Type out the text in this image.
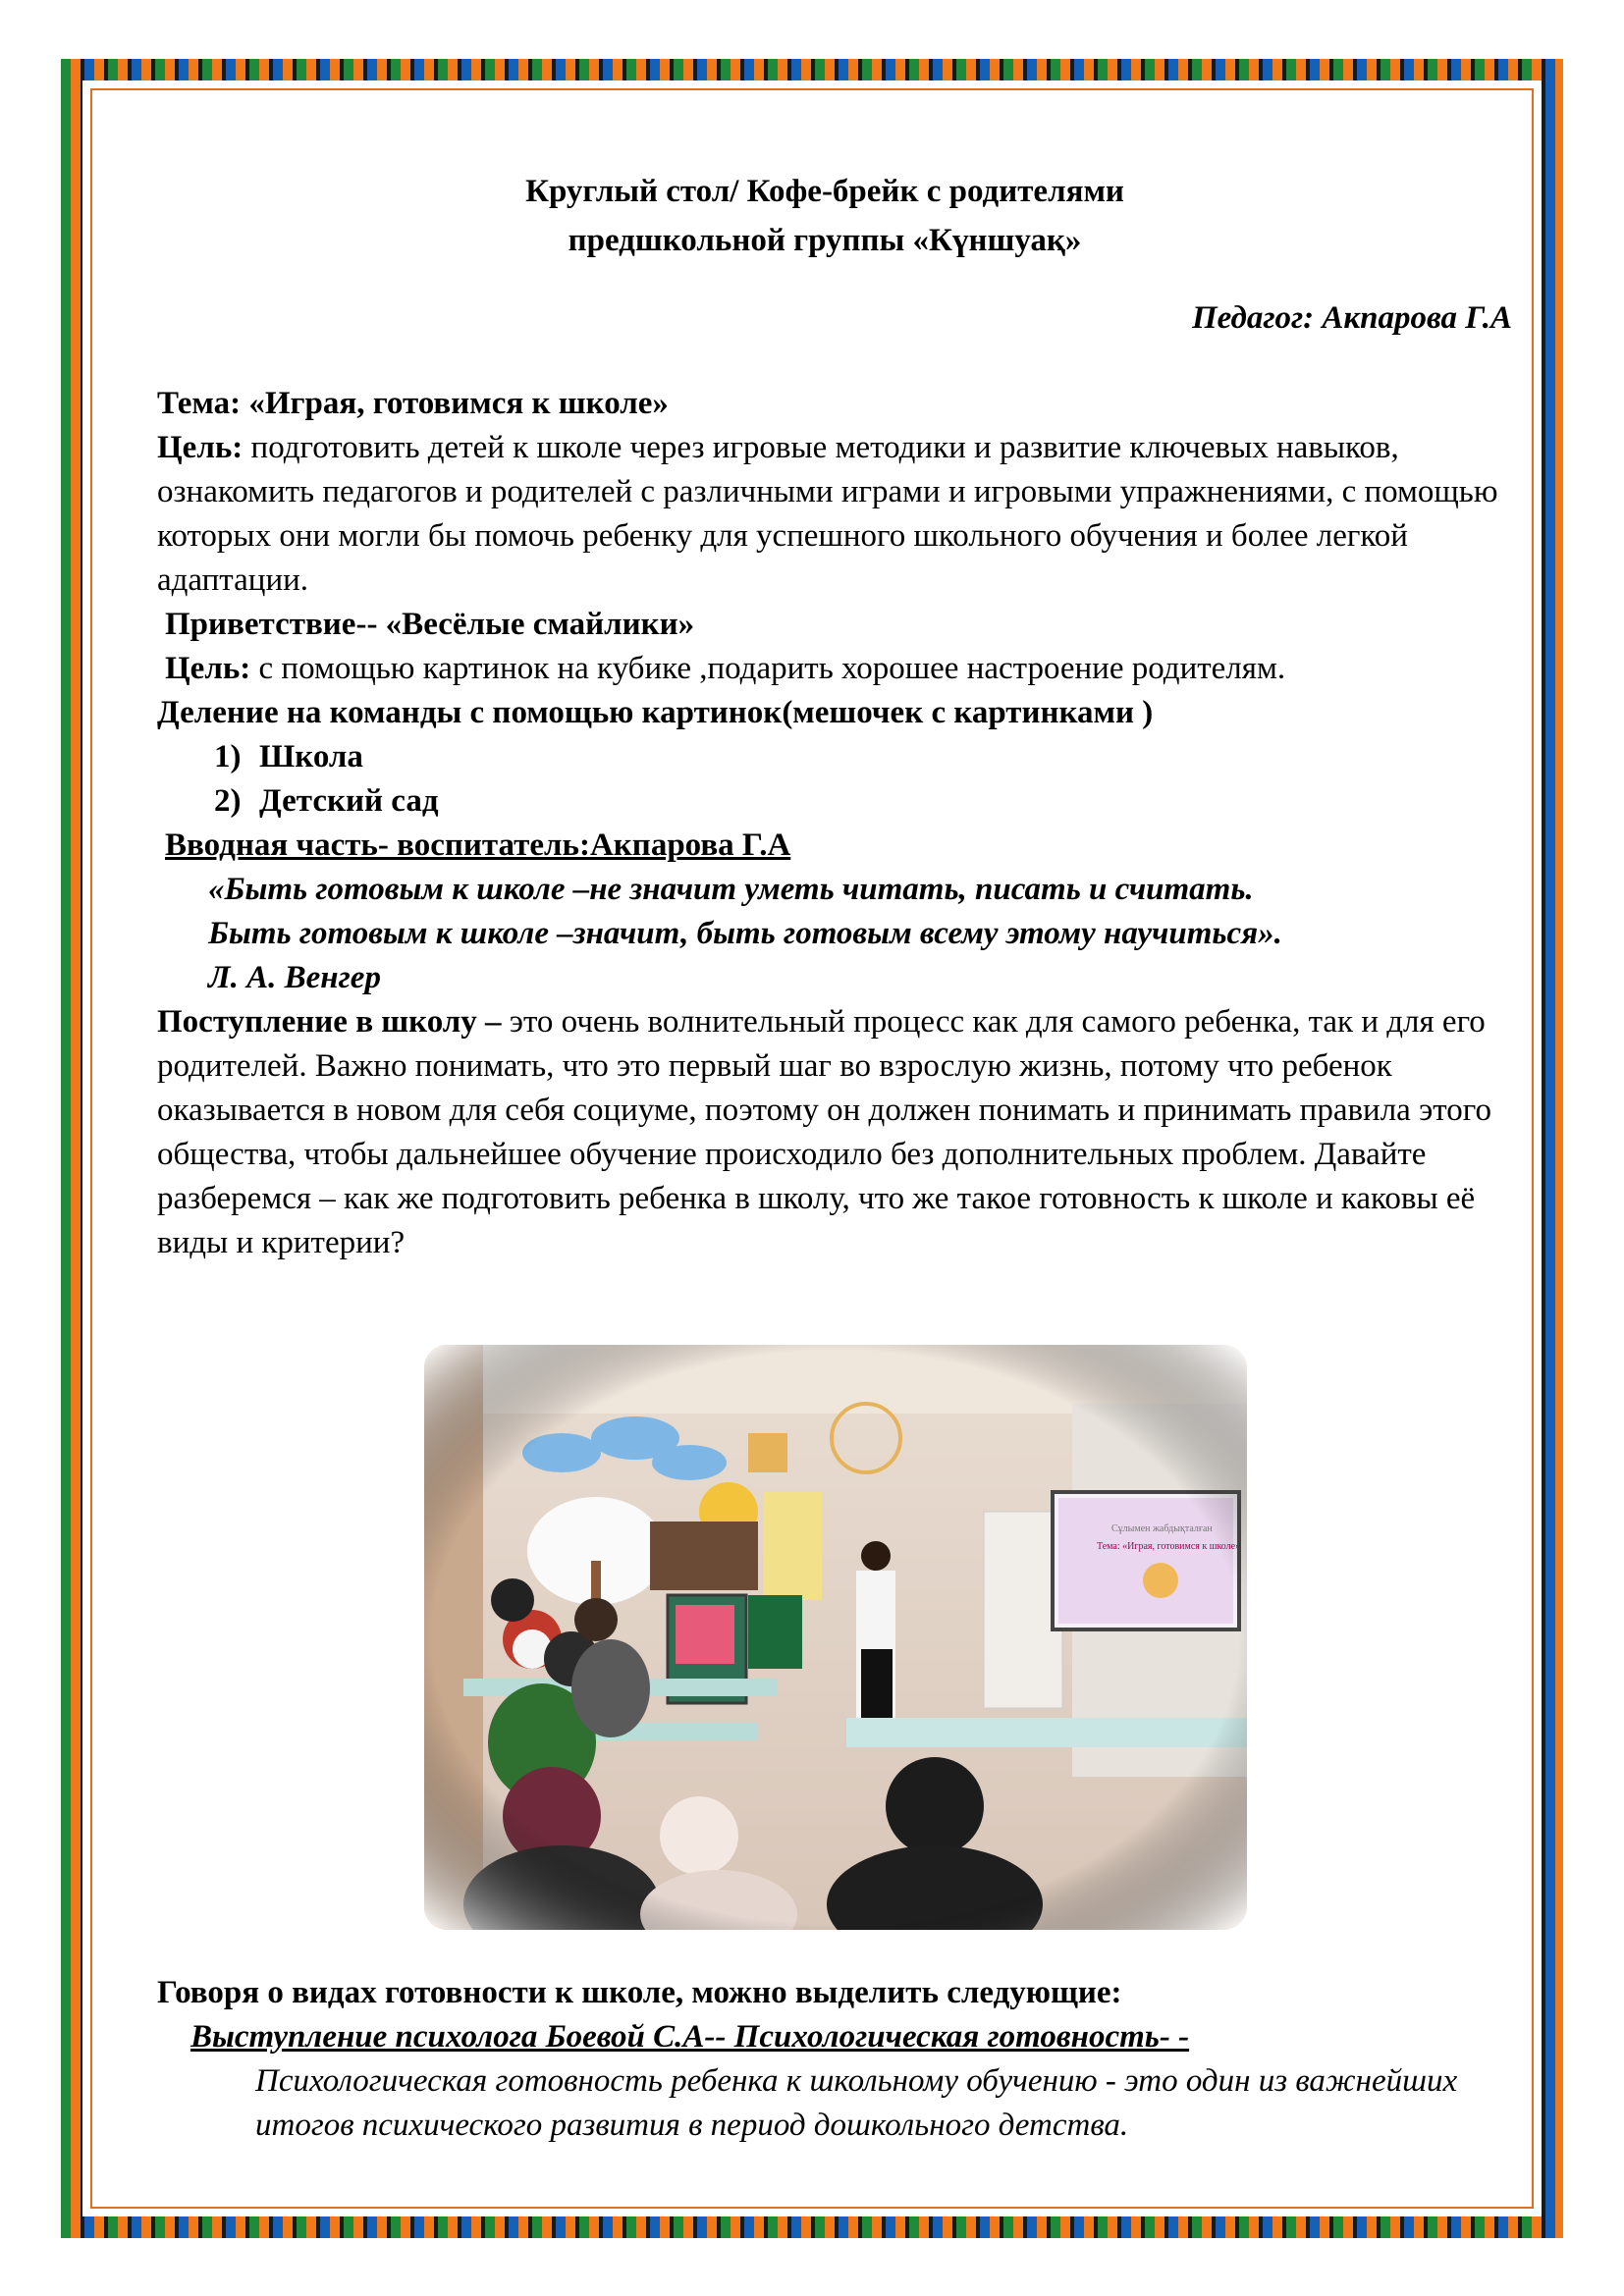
Круглый стол/ Кофе-брейк с родителями
предшкольной группы «Күншуақ»
Педагог: Акпарова Г.А

Тема: «Играя, готовимся к школе»

Цель: подготовить детей к школе через игровые методики и развитие ключевых навыков, ознакомить педагогов и родителей с различными играми и игровыми упражнениями, с помощью которых они могли бы помочь ребенку для успешного школьного обучения и более легкой адаптации.

Приветствие-- «Весёлые смайлики»

Цель: с помощью картинок на кубике ,подарить хорошее настроение родителям.

Деление на команды с помощью картинок(мешочек с картинками )

1) Школа
2) Детский сад

Вводная часть- воспитатель:Акпарова Г.А

«Быть готовым к школе –не значит уметь читать, писать и считать.

Быть готовым к школе –значит, быть готовым всему этому научиться».

Л. А. Венгер

Поступление в школу – это очень волнительный процесс как для самого ребенка, так и для его родителей. Важно понимать, что это первый шаг во взрослую жизнь, потому что ребенок оказывается в новом для себя социуме, поэтому он должен понимать и принимать правила этого общества, чтобы дальнейшее обучение происходило без дополнительных проблем. Давайте разберемся – как же подготовить ребенка в школу, что же такое готовность к школе и каковы её виды и критерии?

Говоря о видах готовности к школе, можно выделить следующие:

Выступление психолога Боевой С.А-- Психологическая готовность- -

Психологическая готовность ребенка к школьному обучению - это один из важнейших итогов психического развития в период дошкольного детства.
